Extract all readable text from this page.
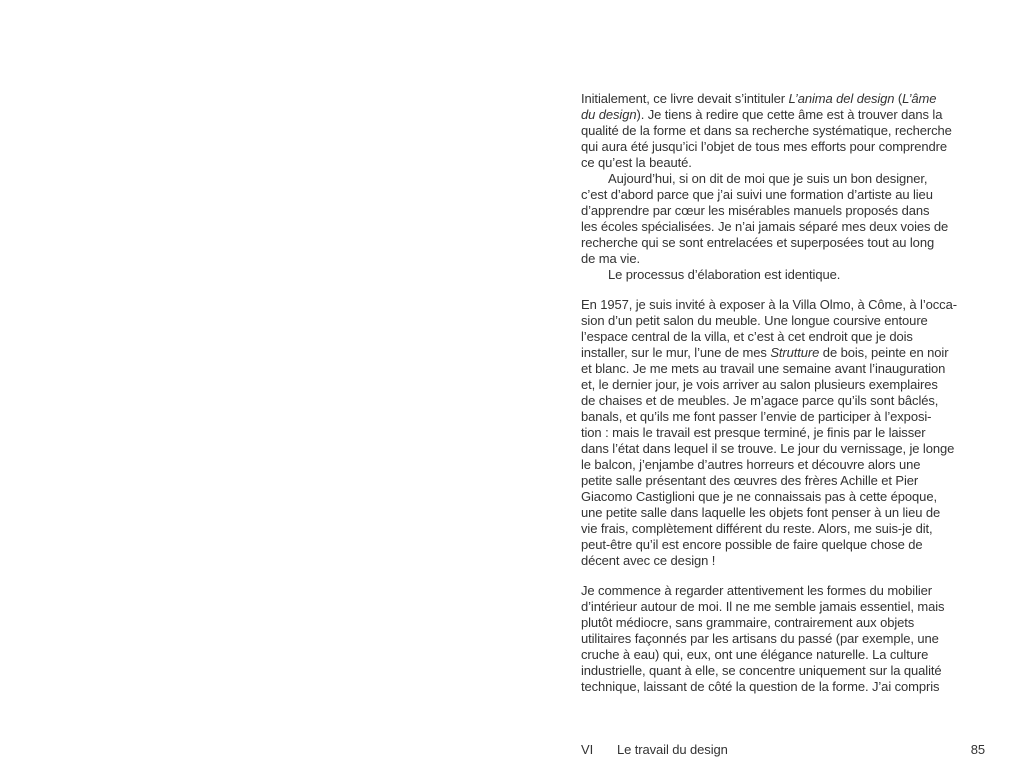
Initialement, ce livre devait s’intituler L’anima del design (L’âme
du design). Je tiens à redire que cette âme est à trouver dans la
qualité de la forme et dans sa recherche systématique, recherche
qui aura été jusqu’ici l’objet de tous mes efforts pour comprendre
ce qu’est la beauté.
Aujourd’hui, si on dit de moi que je suis un bon designer,
c’est d’abord parce que j’ai suivi une formation d’artiste au lieu
d’apprendre par cœur les misérables manuels proposés dans
les écoles spécialisées. Je n’ai jamais séparé mes deux voies de
recherche qui se sont entrelacées et superposées tout au long
de ma vie.
Le processus d’élaboration est identique.
En 1957, je suis invité à exposer à la Villa Olmo, à Côme, à l’occa-
sion d’un petit salon du meuble. Une longue coursive entoure
l’espace central de la villa, et c’est à cet endroit que je dois
installer, sur le mur, l’une de mes Strutture de bois, peinte en noir
et blanc. Je me mets au travail une semaine avant l’inauguration
et, le dernier jour, je vois arriver au salon plusieurs exemplaires
de chaises et de meubles. Je m’agace parce qu’ils sont bâclés,
banals, et qu’ils me font passer l’envie de participer à l’exposi-
tion : mais le travail est presque terminé, je finis par le laisser
dans l’état dans lequel il se trouve. Le jour du vernissage, je longe
le balcon, j’enjambe d’autres horreurs et découvre alors une
petite salle présentant des œuvres des frères Achille et Pier
Giacomo Castiglioni que je ne connaissais pas à cette époque,
une petite salle dans laquelle les objets font penser à un lieu de
vie frais, complètement différent du reste. Alors, me suis-je dit,
peut-être qu’il est encore possible de faire quelque chose de
décent avec ce design !
Je commence à regarder attentivement les formes du mobilier
d’intérieur autour de moi. Il ne me semble jamais essentiel, mais
plutôt médiocre, sans grammaire, contrairement aux objets
utilitaires façonnés par les artisans du passé (par exemple, une
cruche à eau) qui, eux, ont une élégance naturelle. La culture
industrielle, quant à elle, se concentre uniquement sur la qualité
technique, laissant de côté la question de la forme. J’ai compris
VI	Le travail du design	85
